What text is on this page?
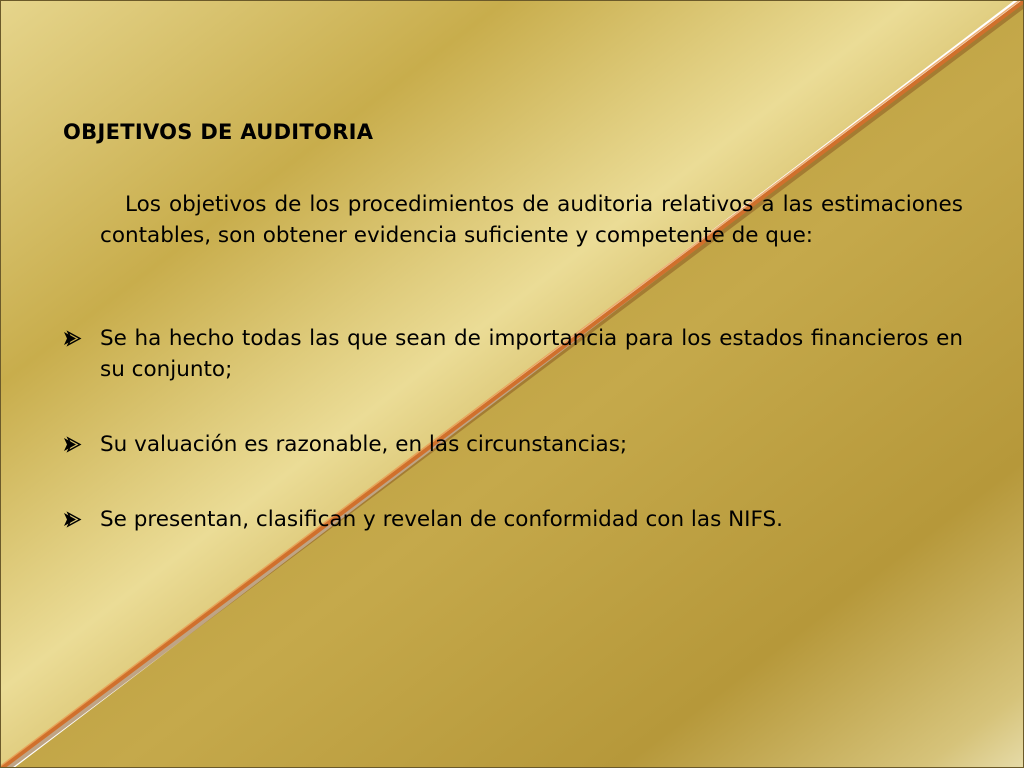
OBJETIVOS DE AUDITORIA

Los objetivos de los procedimientos de auditoria relativos a las estimaciones contables, son obtener evidencia suficiente y competente de que:

Se ha hecho todas las que sean de importancia para los estados financieros en su conjunto;
Su valuación es razonable, en las circunstancias;
Se presentan, clasifican y revelan de conformidad con las NIFS.
